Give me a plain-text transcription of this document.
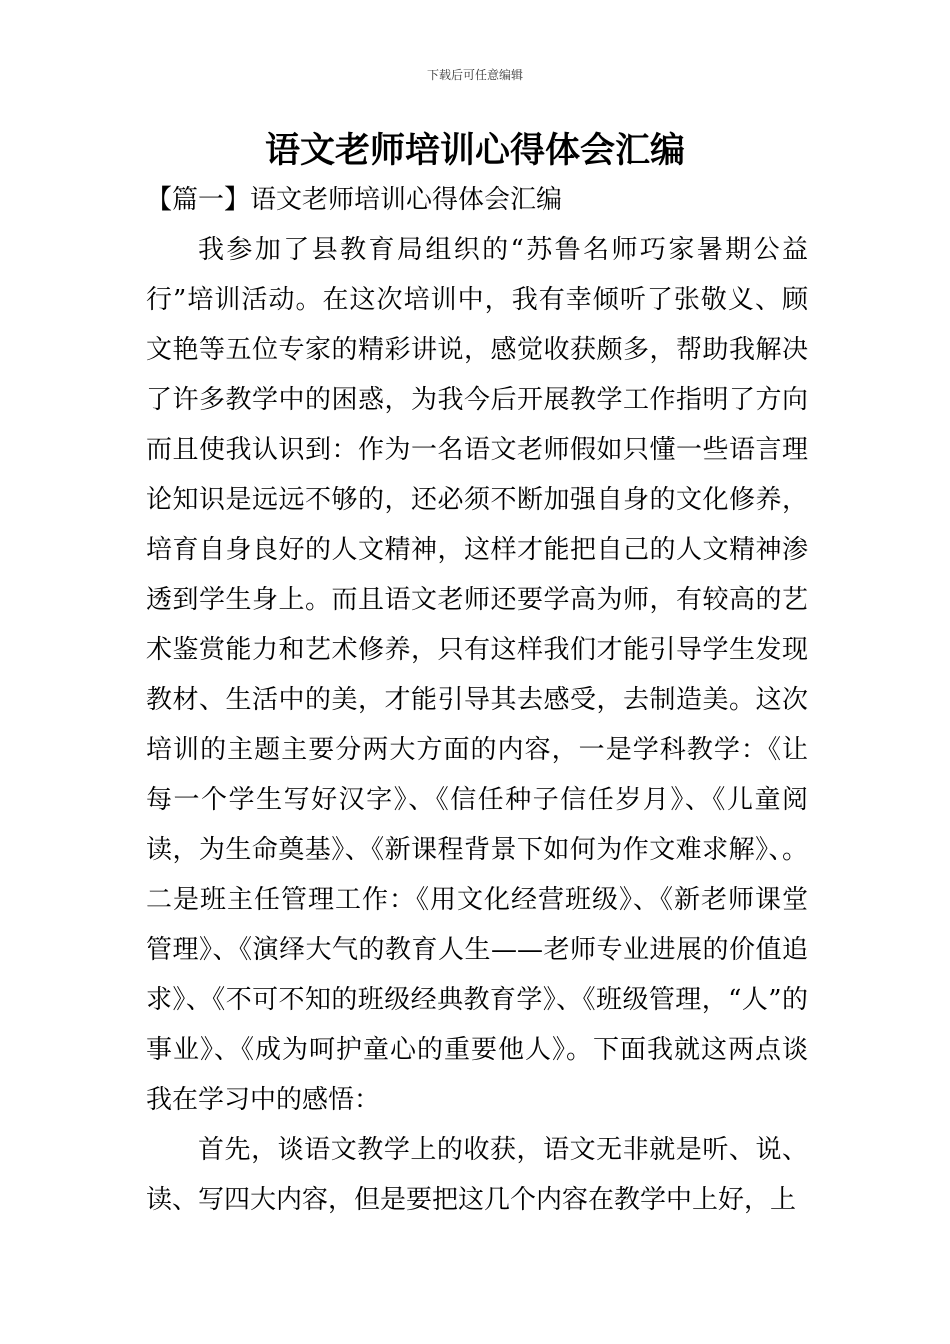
下载后可任意编辑
语文老师培训心得体会汇编
【篇一】语文老师培训心得体会汇编

我参加了县教育局组织的“苏鲁名师巧家暑期公益行”培训活动。在这次培训中，我有幸倾听了张敬义、顾文艳等五位专家的精彩讲说，感觉收获颇多，帮助我解决了许多教学中的困惑，为我今后开展教学工作指明了方向而且使我认识到：作为一名语文老师假如只懂一些语言理论知识是远远不够的，还必须不断加强自身的文化修养，培育自身良好的人文精神，这样才能把自己的人文精神渗透到学生身上。而且语文老师还要学高为师，有较高的艺术鉴赏能力和艺术修养，只有这样我们才能引导学生发现教材、生活中的美，才能引导其去感受，去制造美。这次培训的主题主要分两大方面的内容，一是学科教学：《让每一个学生写好汉字》、《信任种子信任岁月》、《儿童阅读，为生命奠基》、《新课程背景下如何为作文难求解》、。二是班主任管理工作：《用文化经营班级》、《新老师课堂管理》、《演绎大气的教育人生——老师专业进展的价值追求》、《不可不知的班级经典教育学》、《班级管理，“人”的事业》、《成为呵护童心的重要他人》。下面我就这两点谈我在学习中的感悟：

首先，谈语文教学上的收获，语文无非就是听、说、读、写四大内容，但是要把这几个内容在教学中上好，上
